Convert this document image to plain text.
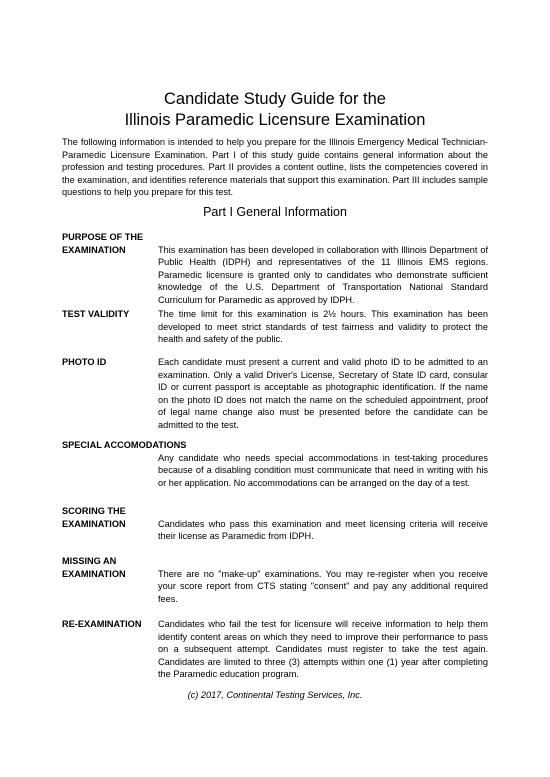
Candidate Study Guide for the
Illinois Paramedic Licensure Examination
The following information is intended to help you prepare for the Illinois Emergency Medical Technician-Paramedic Licensure Examination. Part I of this study guide contains general information about the profession and testing procedures. Part II provides a content outline, lists the competencies covered in the examination, and identifies reference materials that support this examination. Part III includes sample questions to help you prepare for this test.
Part I General Information
PURPOSE OF THE
EXAMINATION	This examination has been developed in collaboration with Illinois Department of Public Health (IDPH) and representatives of the 11 Illinois EMS regions. Paramedic licensure is granted only to candidates who demonstrate sufficient knowledge of the U.S. Department of Transportation National Standard Curriculum for Paramedic as approved by IDPH.
TEST VALIDITY	The time limit for this examination is 2½ hours. This examination has been developed to meet strict standards of test fairness and validity to protect the health and safety of the public.
PHOTO ID	Each candidate must present a current and valid photo ID to be admitted to an examination. Only a valid Driver's License, Secretary of State ID card, consular ID or current passport is acceptable as photographic identification. If the name on the photo ID does not match the name on the scheduled appointment, proof of legal name change also must be presented before the candidate can be admitted to the test.
SPECIAL ACCOMODATIONS
Any candidate who needs special accommodations in test-taking procedures because of a disabling condition must communicate that need in writing with his or her application. No accommodations can be arranged on the day of a test.
SCORING THE
EXAMINATION	Candidates who pass this examination and meet licensing criteria will receive their license as Paramedic from IDPH.
MISSING AN
EXAMINATION	There are no "make-up" examinations. You may re-register when you receive your score report from CTS stating "consent" and pay any additional required fees.
RE-EXAMINATION	Candidates who fail the test for licensure will receive information to help them identify content areas on which they need to improve their performance to pass on a subsequent attempt. Candidates must register to take the test again. Candidates are limited to three (3) attempts within one (1) year after completing the Paramedic education program.
(c) 2017, Continental Testing Services, Inc.
